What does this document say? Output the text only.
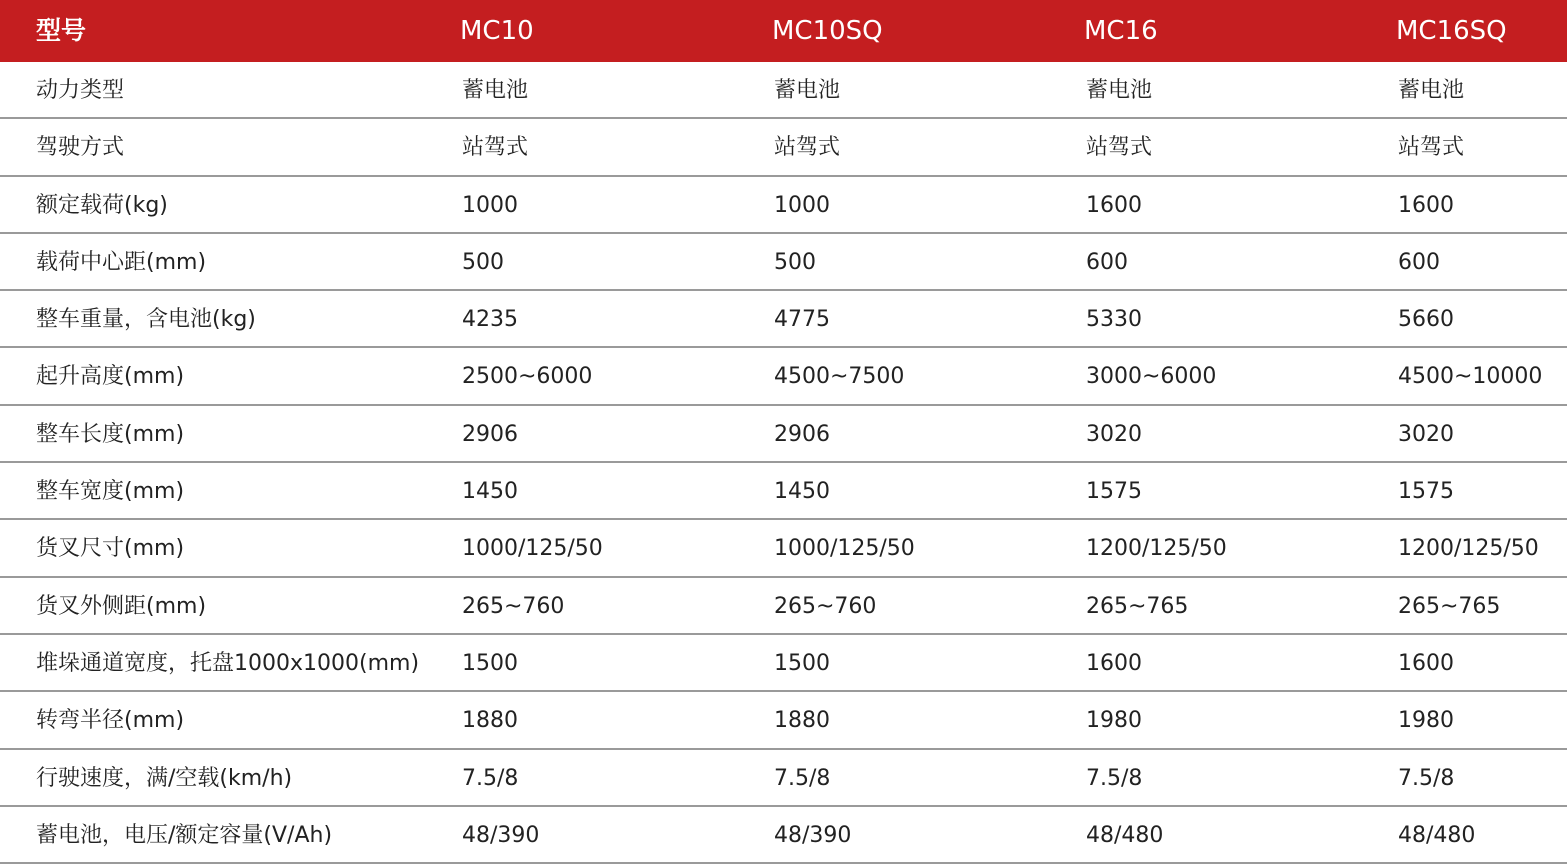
型号	MC10	MC10SQ	MC16	MC16SQ
动力类型	蓄电池	蓄电池	蓄电池	蓄电池
驾驶方式	站驾式	站驾式	站驾式	站驾式
额定载荷(kg)	1000	1000	1600	1600
载荷中心距(mm)	500	500	600	600
整车重量，含电池(kg)	4235	4775	5330	5660
起升高度(mm)	2500~6000	4500~7500	3000~6000	4500~10000
整车长度(mm)	2906	2906	3020	3020
整车宽度(mm)	1450	1450	1575	1575
货叉尺寸(mm)	1000/125/50	1000/125/50	1200/125/50	1200/125/50
货叉外侧距(mm)	265~760	265~760	265~765	265~765
堆垛通道宽度，托盘1000x1000(mm) 1500	1500	1600	1600
转弯半径(mm)	1880	1880	1980	1980
行驶速度，满/空载(km/h)	7.5/8	7.5/8	7.5/8	7.5/8
蓄电池，电压/额定容量(V/Ah)	48/390	48/390	48/480	48/480
